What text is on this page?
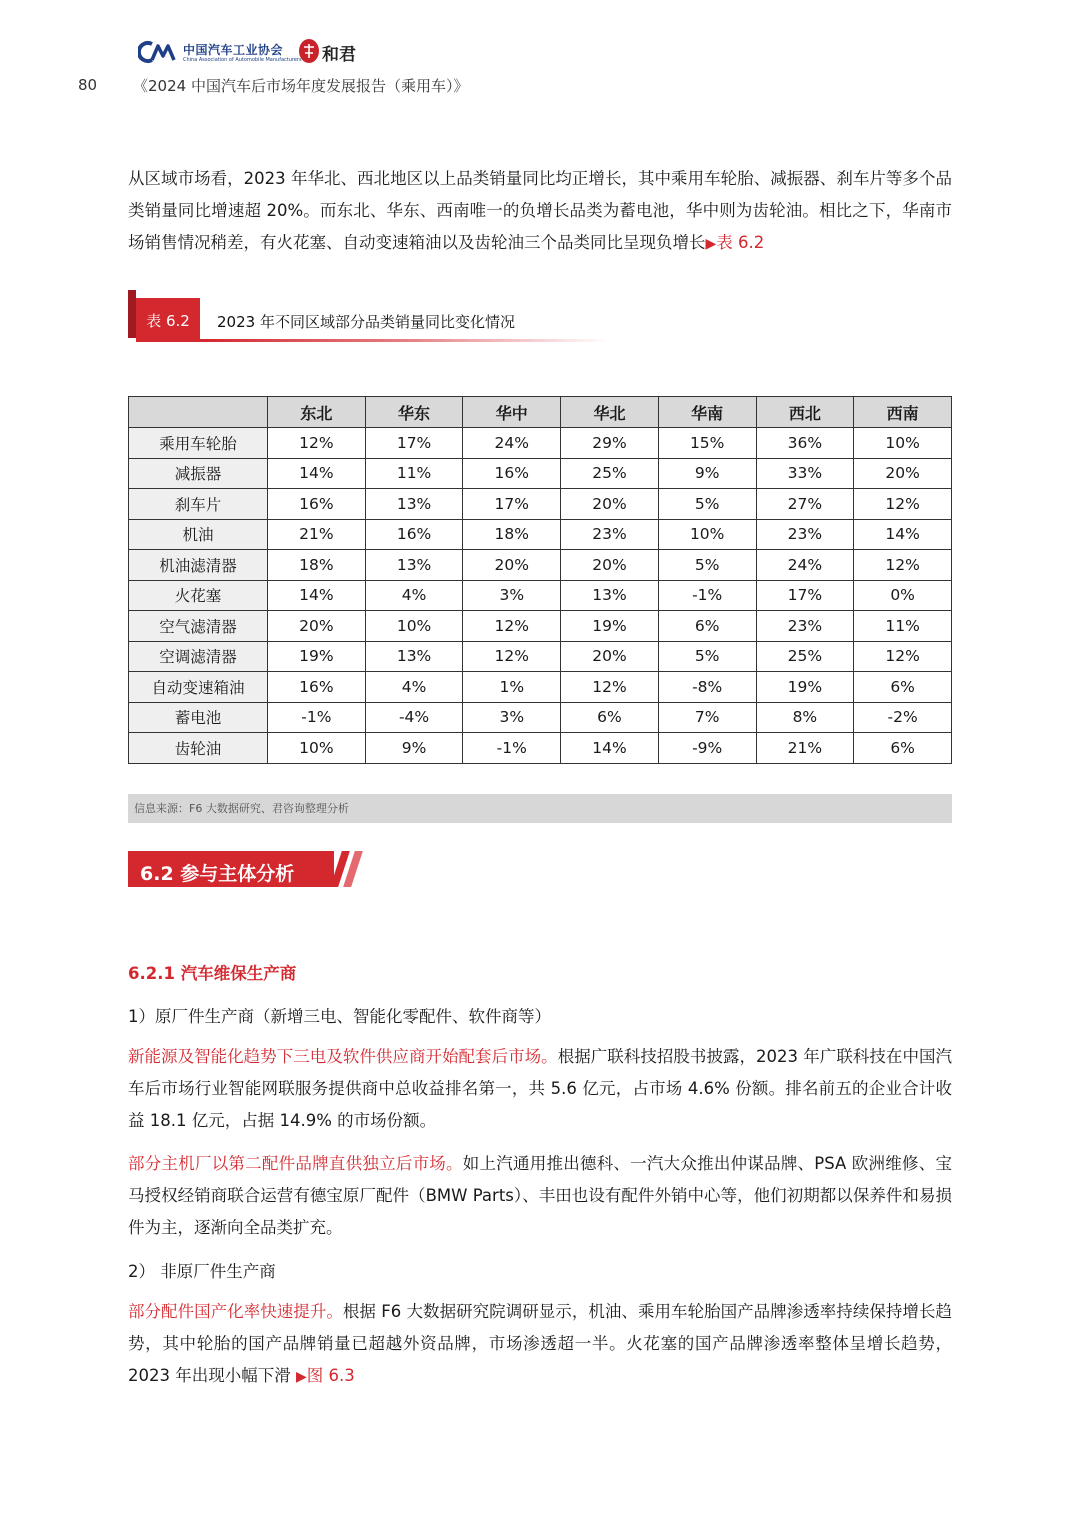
中国汽车工业协会
China Association of Automobile Manufacturers 和君
80 《2024 中国汽车后市场年度发展报告（乘用车）》

从区域市场看，2023 年华北、西北地区以上品类销量同比均正增长，其中乘用车轮胎、减振器、刹车片等多个品类销量同比增速超 20%。而东北、华东、西南唯一的负增长品类为蓄电池，华中则为齿轮油。相比之下，华南市场销售情况稍差，有火花塞、自动变速箱油以及齿轮油三个品类同比呈现负增长▶表 6.2

表 6.2	2023 年不同区域部分品类销量同比变化情况
	东北	华东	华中	华北	华南	西北	西南
乘用车轮胎	12%	17%	24%	29%	15%	36%	10%
减振器	14%	11%	16%	25%	9%	33%	20%
刹车片	16%	13%	17%	20%	5%	27%	12%
机油	21%	16%	18%	23%	10%	23%	14%
机油滤清器	18%	13%	20%	20%	5%	24%	12%
火花塞	14%	4%	3%	13%	-1%	17%	0%
空气滤清器	20%	10%	12%	19%	6%	23%	11%
空调滤清器	19%	13%	12%	20%	5%	25%	12%
自动变速箱油	16%	4%	1%	12%	-8%	19%	6%
蓄电池	-1%	-4%	3%	6%	7%	8%	-2%
齿轮油	10%	9%	-1%	14%	-9%	21%	6%
信息来源：F6 大数据研究、君咨询整理分析
6.2 参与主体分析
6.2.1 汽车维保生产商
1）原厂件生产商（新增三电、智能化零配件、软件商等）

新能源及智能化趋势下三电及软件供应商开始配套后市场。根据广联科技招股书披露，2023 年广联科技在中国汽车后市场行业智能网联服务提供商中总收益排名第一，共 5.6 亿元，占市场 4.6% 份额。排名前五的企业合计收益 18.1 亿元，占据 14.9% 的市场份额。

部分主机厂以第二配件品牌直供独立后市场。如上汽通用推出德科、一汽大众推出仲谋品牌、PSA 欧洲维修、宝马授权经销商联合运营有德宝原厂配件（BMW Parts）、丰田也设有配件外销中心等，他们初期都以保养件和易损件为主，逐渐向全品类扩充。

2） 非原厂件生产商

部分配件国产化率快速提升。根据 F6 大数据研究院调研显示，机油、乘用车轮胎国产品牌渗透率持续保持增长趋势，其中轮胎的国产品牌销量已超越外资品牌，市场渗透超一半。火花塞的国产品牌渗透率整体呈增长趋势，2023 年出现小幅下滑 ▶图 6.3
